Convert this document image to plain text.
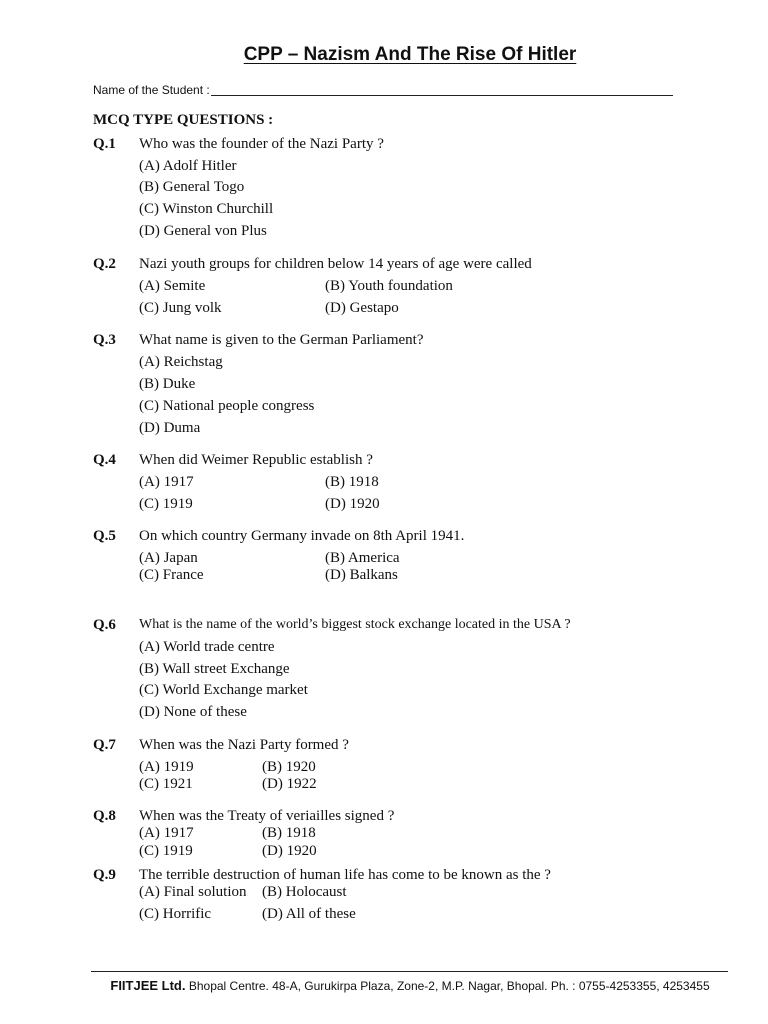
CPP – Nazism And The Rise Of Hitler
Name of the Student :
MCQ TYPE QUESTIONS :
Q.1 Who was the founder of the Nazi Party ?
(A) Adolf Hitler
(B) General Togo
(C) Winston Churchill
(D) General von Plus
Q.2 Nazi youth groups for children below 14 years of age were called
(A) Semite	(B) Youth foundation
(C) Jung volk	(D) Gestapo
Q.3 What name is given to the German Parliament?
(A) Reichstag
(B) Duke
(C) National people congress
(D) Duma
Q.4 When did Weimer Republic establish ?
(A) 1917	(B) 1918
(C) 1919	(D) 1920
Q.5 On which country Germany invade on 8th April 1941.
(A) Japan	(B) America
(C) France	(D) Balkans
Q.6 What is the name of the world’s biggest stock exchange located in the USA ?
(A) World trade centre
(B) Wall street Exchange
(C) World Exchange market
(D) None of these
Q.7 When was the Nazi Party formed ?
(A) 1919	(B) 1920
(C) 1921	(D) 1922
Q.8 When was the Treaty of veriailles signed ?
(A) 1917	(B) 1918
(C) 1919	(D) 1920
Q.9 The terrible destruction of human life has come to be known as the ?
(A) Final solution (B) Holocaust
(C) Horrific	(D) All of these
FIITJEE Ltd. Bhopal Centre. 48-A, Gurukirpa Plaza, Zone-2, M.P. Nagar, Bhopal. Ph. : 0755-4253355, 4253455
